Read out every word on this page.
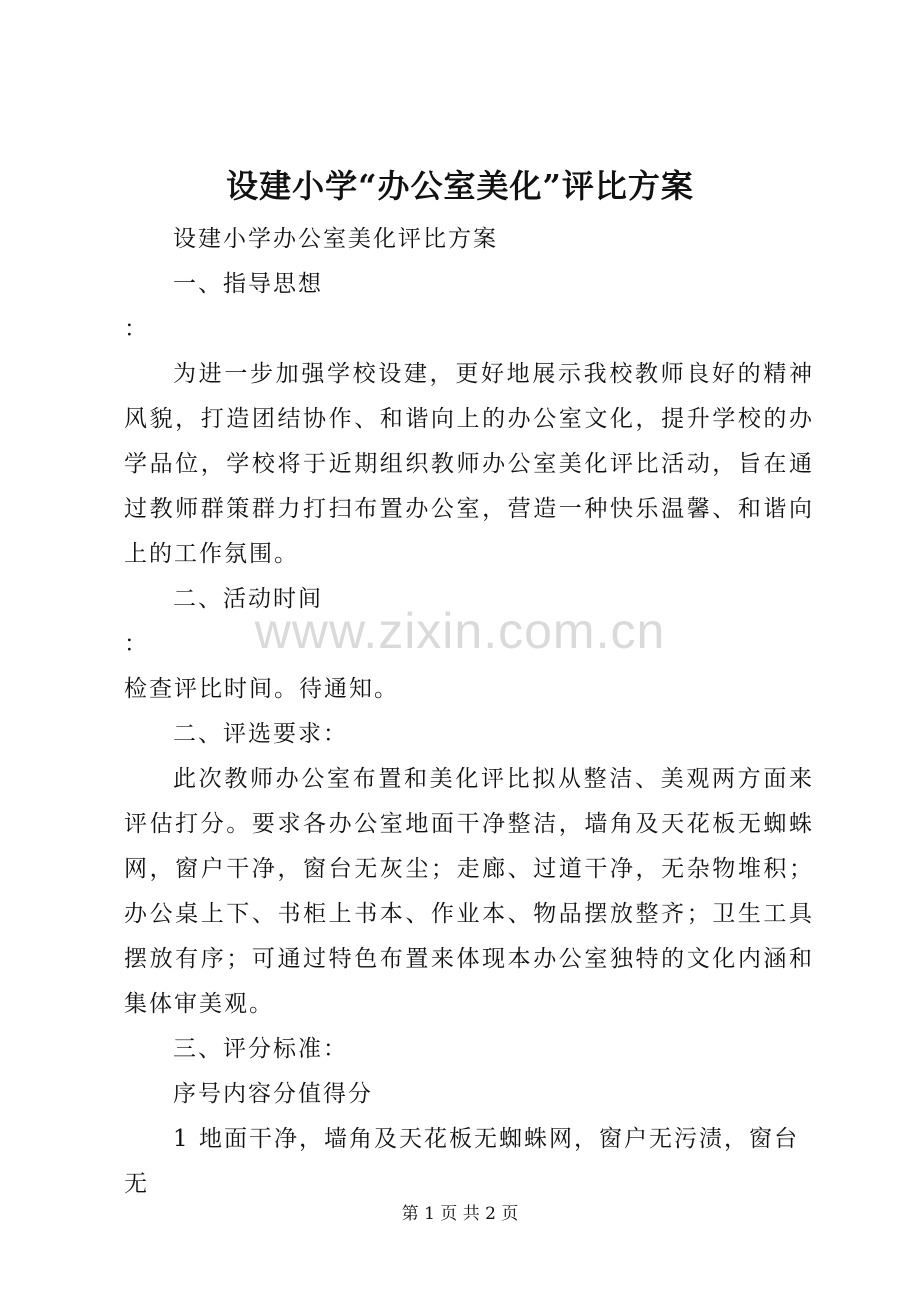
设建小学“办公室美化”评比方案

设建小学办公室美化评比方案

一、指导思想

：

为进一步加强学校设建，更好地展示我校教师良好的精神风貌，打造团结协作、和谐向上的办公室文化，提升学校的办学品位，学校将于近期组织教师办公室美化评比活动，旨在通过教师群策群力打扫布置办公室，营造一种快乐温馨、和谐向上的工作氛围。

二、活动时间

：

检查评比时间。待通知。

二、评选要求：

此次教师办公室布置和美化评比拟从整洁、美观两方面来评估打分。要求各办公室地面干净整洁，墙角及天花板无蜘蛛网，窗户干净，窗台无灰尘；走廊、过道干净，无杂物堆积；办公桌上下、书柜上书本、作业本、物品摆放整齐；卫生工具摆放有序；可通过特色布置来体现本办公室独特的文化内涵和集体审美观。

三、评分标准：

序号内容分值得分

1 地面干净，墙角及天花板无蜘蛛网，窗户无污渍，窗台无

www.zixin.com.cn
第 1 页 共 2 页
